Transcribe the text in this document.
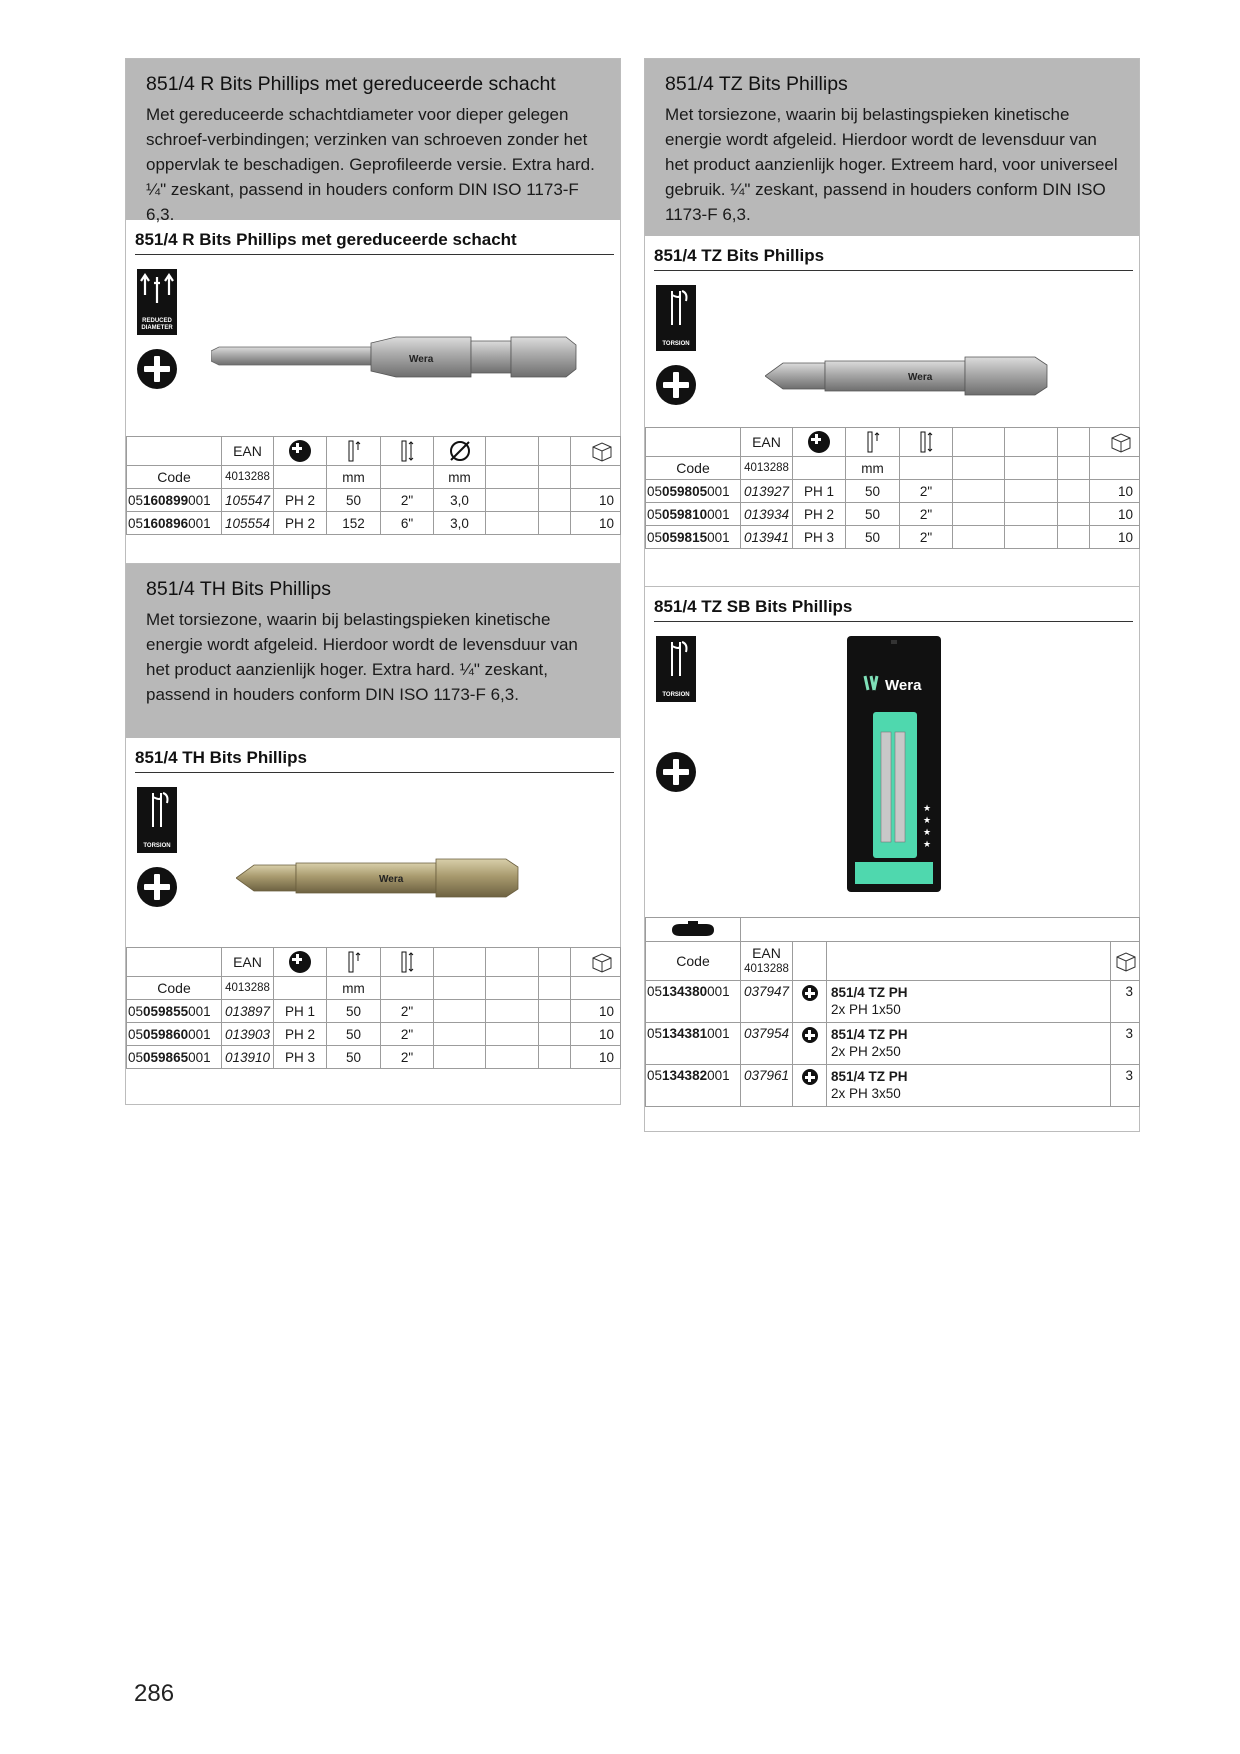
851/4 R Bits Phillips met gereduceerde schacht

Met gereduceerde schachtdiameter voor dieper gelegen schroef-verbindingen; verzinken van schroeven zonder het oppervlak te beschadigen. Geprofileerde versie. Extra hard. ¼" zeskant, passend in houders conform DIN ISO 1173-F 6,3.

851/4 R Bits Phillips met gereduceerde schacht
REDUCED DIAMETER
Wera
	EAN							
Code	4013288		mm		mm			
05160899001	105547	PH 2	50	2"	3,0			10
05160896001	105554	PH 2	152	6"	3,0			10
851/4 TH Bits Phillips

Met torsiezone, waarin bij belastingspieken kinetische energie wordt afgeleid. Hierdoor wordt de levensduur van het product aanzienlijk hoger. Extra hard. ¼" zeskant, passend in houders conform DIN ISO 1173-F 6,3.

851/4 TH Bits Phillips
TORSION
Wera
	EAN							
Code	4013288		mm					
05059855001	013897	PH 1	50	2"				10
05059860001	013903	PH 2	50	2"				10
05059865001	013910	PH 3	50	2"				10
851/4 TZ Bits Phillips

Met torsiezone, waarin bij belastingspieken kinetische energie wordt afgeleid. Hierdoor wordt de levensduur van het product aanzienlijk hoger. Extreem hard, voor universeel gebruik. ¼" zeskant, passend in houders conform DIN ISO 1173-F 6,3.

851/4 TZ Bits Phillips
TORSION
Wera
	EAN							
Code	4013288		mm					
05059805001	013927	PH 1	50	2"				10
05059810001	013934	PH 2	50	2"				10
05059815001	013941	PH 3	50	2"				10
851/4 TZ SB Bits Phillips
TORSION
Wera
★
★
★
★

Code	EAN
4013288

05134380001	037947		851/4 TZ PH
2x PH 1x50	3
05134381001	037954		851/4 TZ PH
2x PH 2x50	3
05134382001	037961		851/4 TZ PH
2x PH 3x50	3
286
